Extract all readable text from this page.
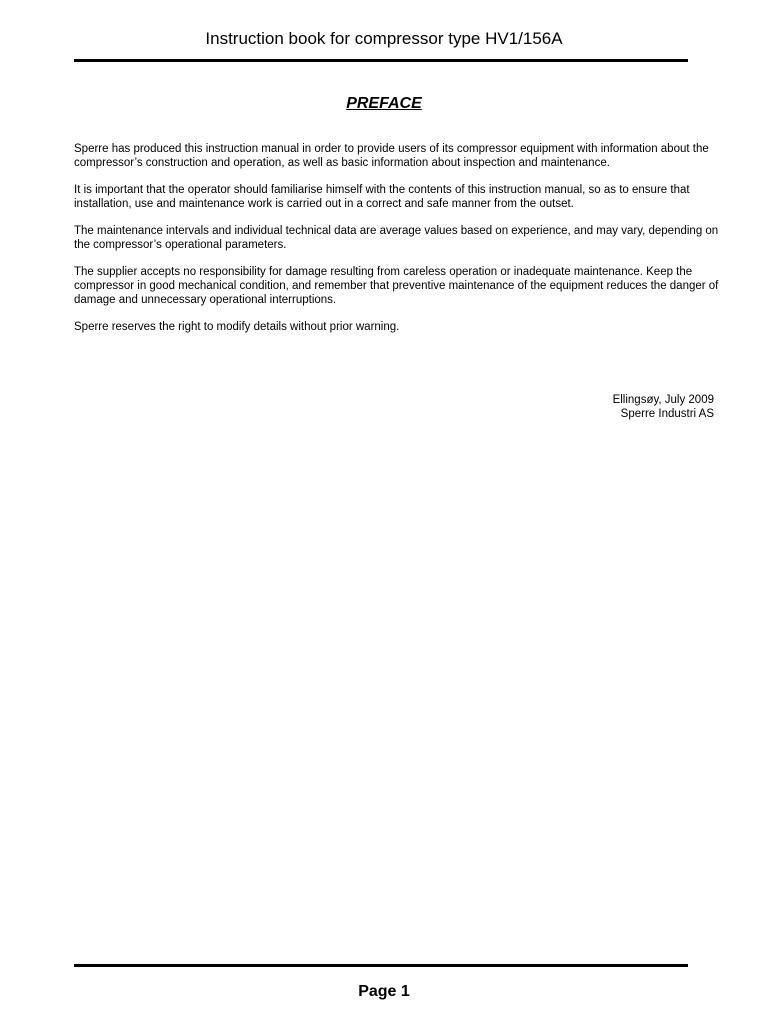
Instruction book for compressor type HV1/156A
PREFACE

Sperre has produced this instruction manual in order to provide users of its compressor equipment with information about the compressor’s construction and operation, as well as basic information about inspection and maintenance.

It is important that the operator should familiarise himself with the contents of this instruction manual, so as to ensure that installation, use and maintenance work is carried out in a correct and safe manner from the outset.

The maintenance intervals and individual technical data are average values based on experience, and may vary, depending on the compressor’s operational parameters.

The supplier accepts no responsibility for damage resulting from careless operation or inadequate maintenance. Keep the compressor in good mechanical condition, and remember that preventive maintenance of the equipment reduces the danger of damage and unnecessary operational interruptions.

Sperre reserves the right to modify details without prior warning.

Ellingsøy, July 2009
Sperre Industri AS
Page 1
